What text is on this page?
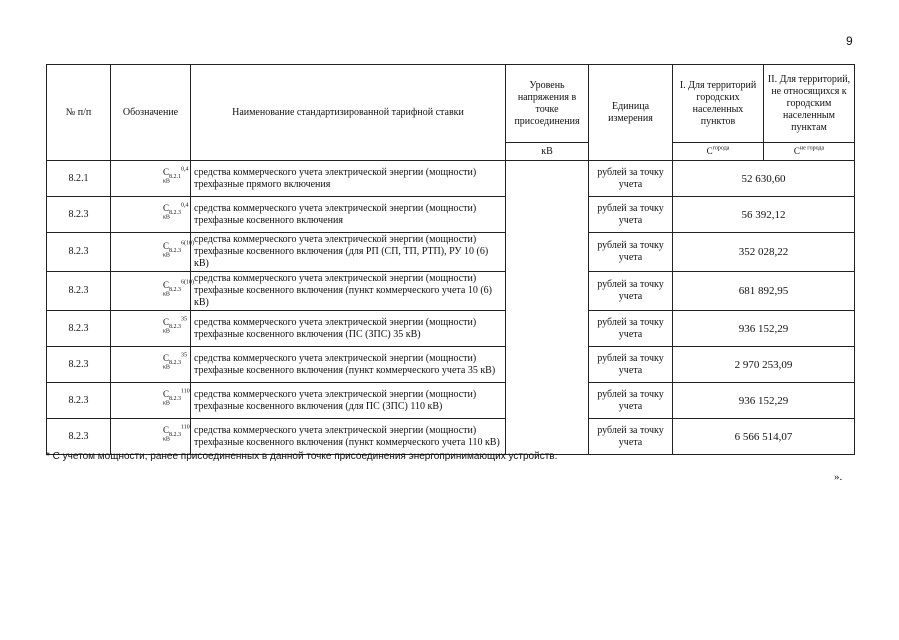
9
№ п/п	Обозначение	Наименование стандартизированной тарифной ставки	Уровень напряжения в точке присоединения	Единица измерения	I. Для территорий городских населенных пунктов	II. Для территорий, не относящихся к городским населенным пунктам
			кВ		$C^{города}$	$C^{не города}$
8.2.1	$C_{8.2.1}^{0,4 кВ}$	средства коммерческого учета электрической энергии (мощности) трехфазные прямого включения		рублей за точку учета	52 630,60	
8.2.3	$C_{8.2.3}^{0,4 кВ}$	средства коммерческого учета электрической энергии (мощности) трехфазные косвенного включения		рублей за точку учета	56 392,12	
8.2.3	$C_{8.2.3}^{6(10) кВ}$	средства коммерческого учета электрической энергии (мощности) трехфазные косвенного включения (для РП (СП, ТП, РТП), РУ 10 (6) кВ)		рублей за точку учета	352 028,22	
8.2.3	$C_{8.2.3}^{6(10) кВ}$	средства коммерческого учета электрической энергии (мощности) трехфазные косвенного включения (пункт коммерческого учета 10 (6) кВ)		рублей за точку учета	681 892,95	
8.2.3	$C_{8.2.3}^{35 кВ}$	средства коммерческого учета электрической энергии (мощности) трехфазные косвенного включения (ПС (ЗПС) 35 кВ)		рублей за точку учета	936 152,29	
8.2.3	$C_{8.2.3}^{35 кВ}$	средства коммерческого учета электрической энергии (мощности) трехфазные косвенного включения (пункт коммерческого учета 35 кВ)		рублей за точку учета	2 970 253,09	
8.2.3	$C_{8.2.3}^{110 кВ}$	средства коммерческого учета электрической энергии (мощности) трехфазные косвенного включения (для ПС (ЗПС) 110 кВ)		рублей за точку учета	936 152,29	
8.2.3	$C_{8.2.3}^{110 кВ}$	средства коммерческого учета электрической энергии (мощности) трехфазные косвенного включения (пункт коммерческого учета 110 кВ)		рублей за точку учета	6 566 514,07	
* С учетом мощности, ранее присоединенных в данной точке присоединения энергопринимающих устройств.
».
